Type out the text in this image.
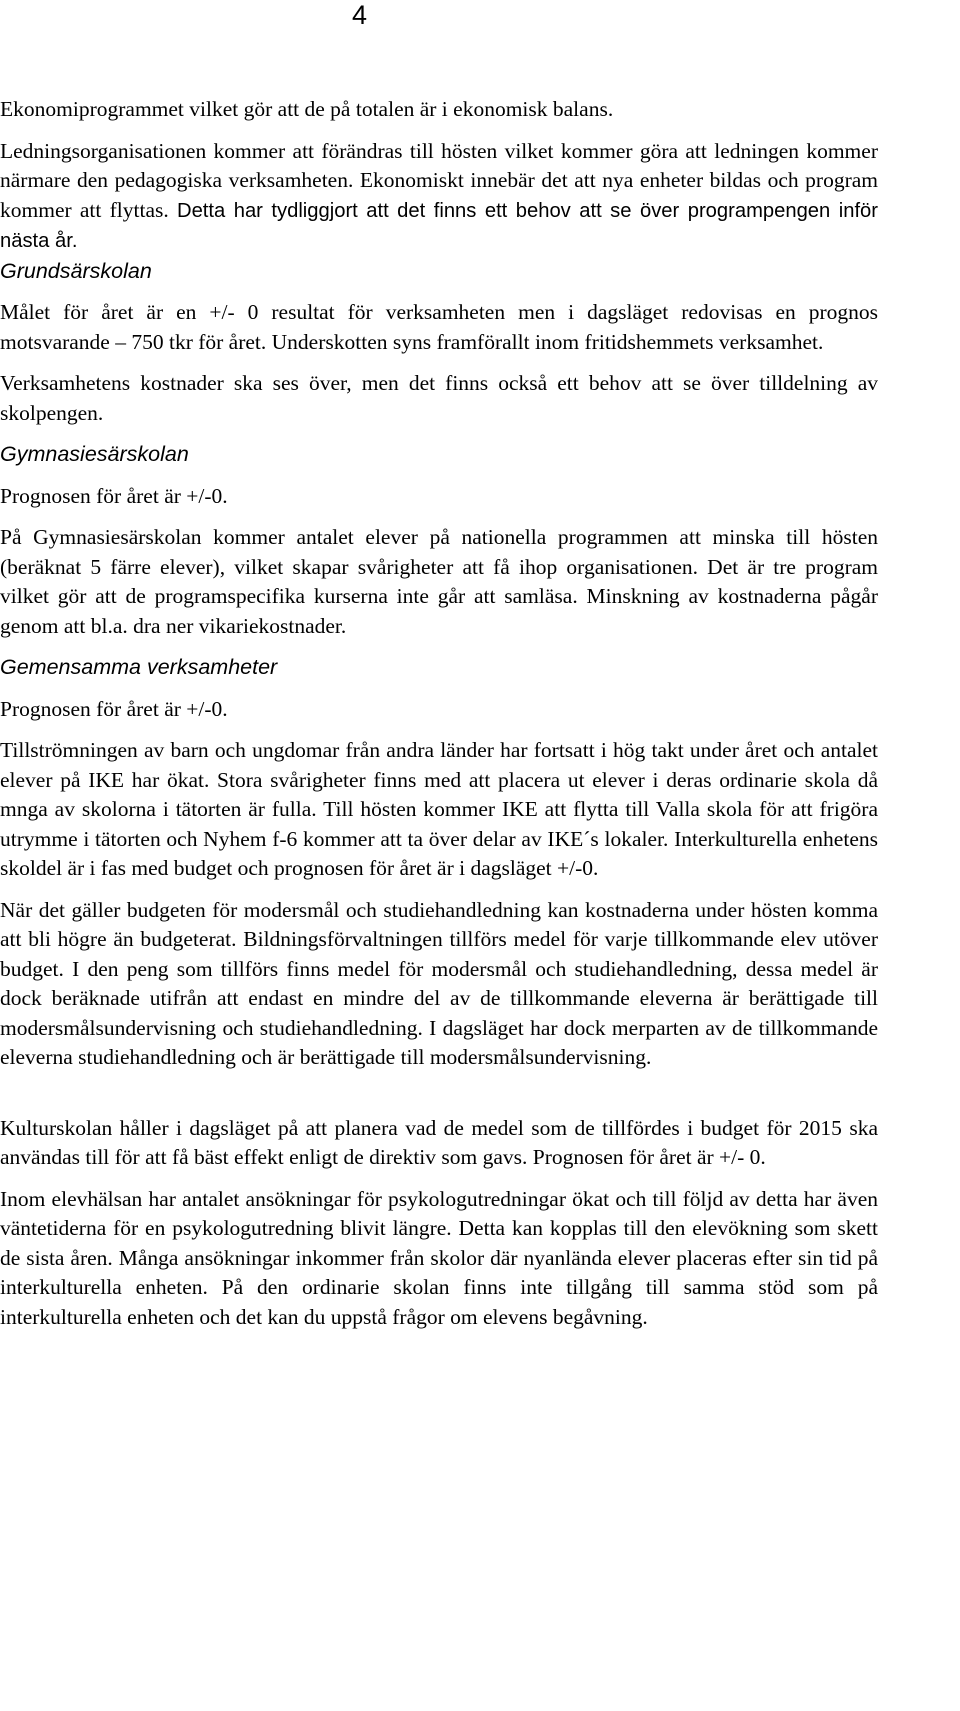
4

Ekonomiprogrammet vilket gör att de på totalen är i ekonomisk balans.

Ledningsorganisationen kommer att förändras till hösten vilket kommer göra att ledningen kommer närmare den pedagogiska verksamheten. Ekonomiskt innebär det att nya enheter bildas och program kommer att flyttas. Detta har tydliggjort att det finns ett behov att se över programpengen inför nästa år.

Grundsärskolan

Målet för året är en +/- 0 resultat för verksamheten men i dagsläget redovisas en prognos motsvarande – 750 tkr för året. Underskotten syns framförallt inom fritidshemmets verksamhet.

Verksamhetens kostnader ska ses över, men det finns också ett behov att se över tilldelning av skolpengen.

Gymnasiesärskolan

Prognosen för året är +/-0.

På Gymnasiesärskolan kommer antalet elever på nationella programmen att minska till hösten (beräknat 5 färre elever), vilket skapar svårigheter att få ihop organisationen. Det är tre program vilket gör att de programspecifika kurserna inte går att samläsa. Minskning av kostnaderna pågår genom att bl.a. dra ner vikariekostnader.

Gemensamma verksamheter

Prognosen för året är +/-0.

Tillströmningen av barn och ungdomar från andra länder har fortsatt i hög takt under året och antalet elever på IKE har ökat. Stora svårigheter finns med att placera ut elever i deras ordinarie skola då mnga av skolorna i tätorten är fulla. Till hösten kommer IKE att flytta till Valla skola för att frigöra utrymme i tätorten och Nyhem f-6 kommer att ta över delar av IKE´s lokaler. Interkulturella enhetens skoldel är i fas med budget och prognosen för året är i dagsläget +/-0.

När det gäller budgeten för modersmål och studiehandledning kan kostnaderna under hösten komma att bli högre än budgeterat. Bildningsförvaltningen tillförs medel för varje tillkommande elev utöver budget. I den peng som tillförs finns medel för modersmål och studiehandledning, dessa medel är dock beräknade utifrån att endast en mindre del av de tillkommande eleverna är berättigade till modersmålsundervisning och studiehandledning. I dagsläget har dock merparten av de tillkommande eleverna studiehandledning och är berättigade till modersmålsundervisning.

Kulturskolan håller i dagsläget på att planera vad de medel som de tillfördes i budget för 2015 ska användas till för att få bäst effekt enligt de direktiv som gavs. Prognosen för året är +/- 0.

Inom elevhälsan har antalet ansökningar för psykologutredningar ökat och till följd av detta har även väntetiderna för en psykologutredning blivit längre. Detta kan kopplas till den elevökning som skett de sista åren. Många ansökningar inkommer från skolor där nyanlända elever placeras efter sin tid på interkulturella enheten. På den ordinarie skolan finns inte tillgång till samma stöd som på interkulturella enheten och det kan du uppstå frågor om elevens begåvning.
